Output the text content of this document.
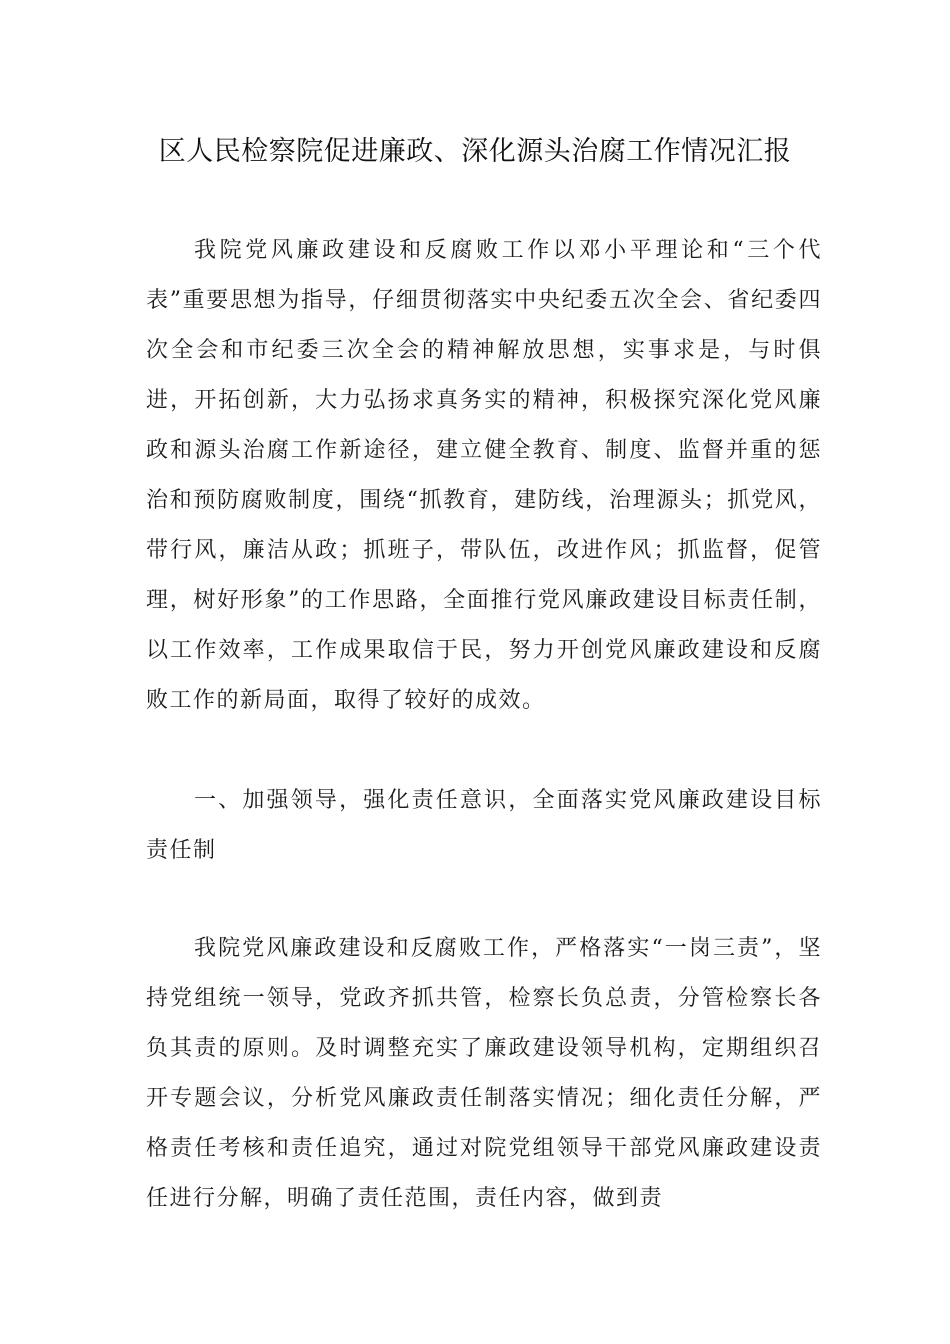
区人民检察院促进廉政、深化源头治腐工作情况汇报

我院党风廉政建设和反腐败工作以邓小平理论和“三个代表”重要思想为指导，仔细贯彻落实中央纪委五次全会、省纪委四次全会和市纪委三次全会的精神解放思想，实事求是，与时俱进，开拓创新，大力弘扬求真务实的精神，积极探究深化党风廉政和源头治腐工作新途径，建立健全教育、制度、监督并重的惩治和预防腐败制度，围绕“抓教育，建防线，治理源头；抓党风，带行风，廉洁从政；抓班子，带队伍，改进作风；抓监督，促管理，树好形象”的工作思路，全面推行党风廉政建设目标责任制，以工作效率，工作成果取信于民，努力开创党风廉政建设和反腐败工作的新局面，取得了较好的成效。

一、加强领导，强化责任意识，全面落实党风廉政建设目标责任制

我院党风廉政建设和反腐败工作，严格落实“一岗三责”，坚持党组统一领导，党政齐抓共管，检察长负总责，分管检察长各负其责的原则。及时调整充实了廉政建设领导机构，定期组织召开专题会议，分析党风廉政责任制落实情况；细化责任分解，严格责任考核和责任追究，通过对院党组领导干部党风廉政建设责任进行分解，明确了责任范围，责任内容，做到责
